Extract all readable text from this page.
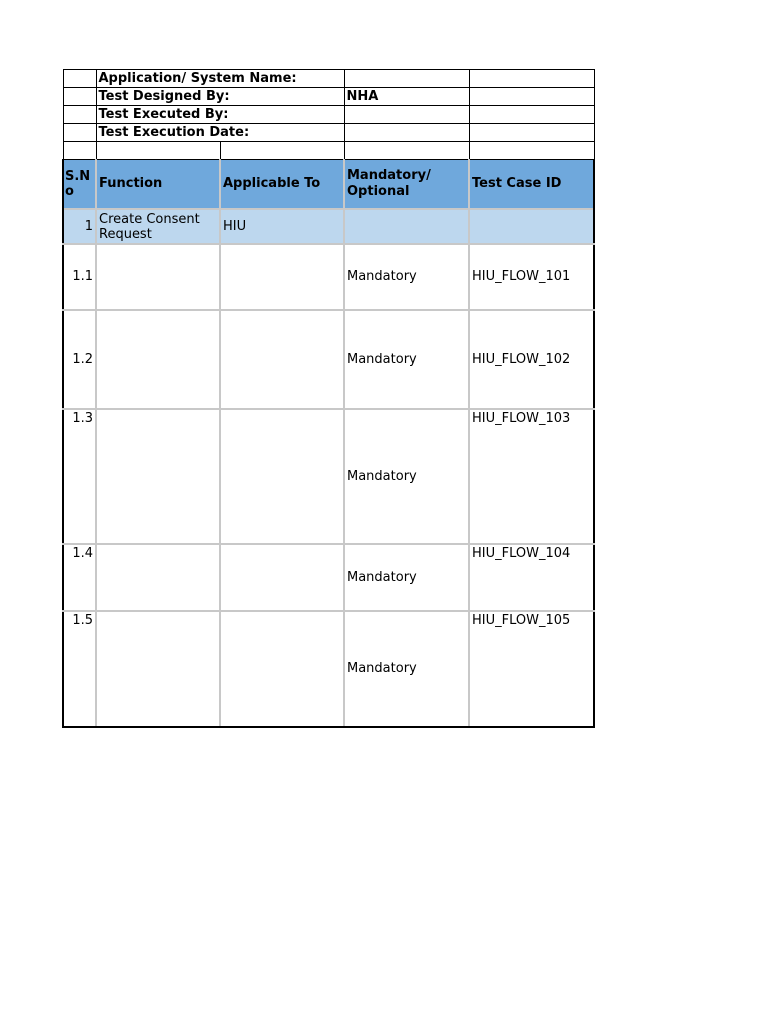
	Application/ System Name:			
	Test Designed By:		NHA	
	Test Executed By:			
	Test Execution Date:			

S.No	Function	Applicable To	Mandatory/ Optional	Test Case ID
1	Create Consent Request	HIU		
1.1			Mandatory	HIU_FLOW_101
1.2			Mandatory	HIU_FLOW_102
1.3			Mandatory	HIU_FLOW_103
1.4			Mandatory	HIU_FLOW_104
1.5			Mandatory	HIU_FLOW_105
